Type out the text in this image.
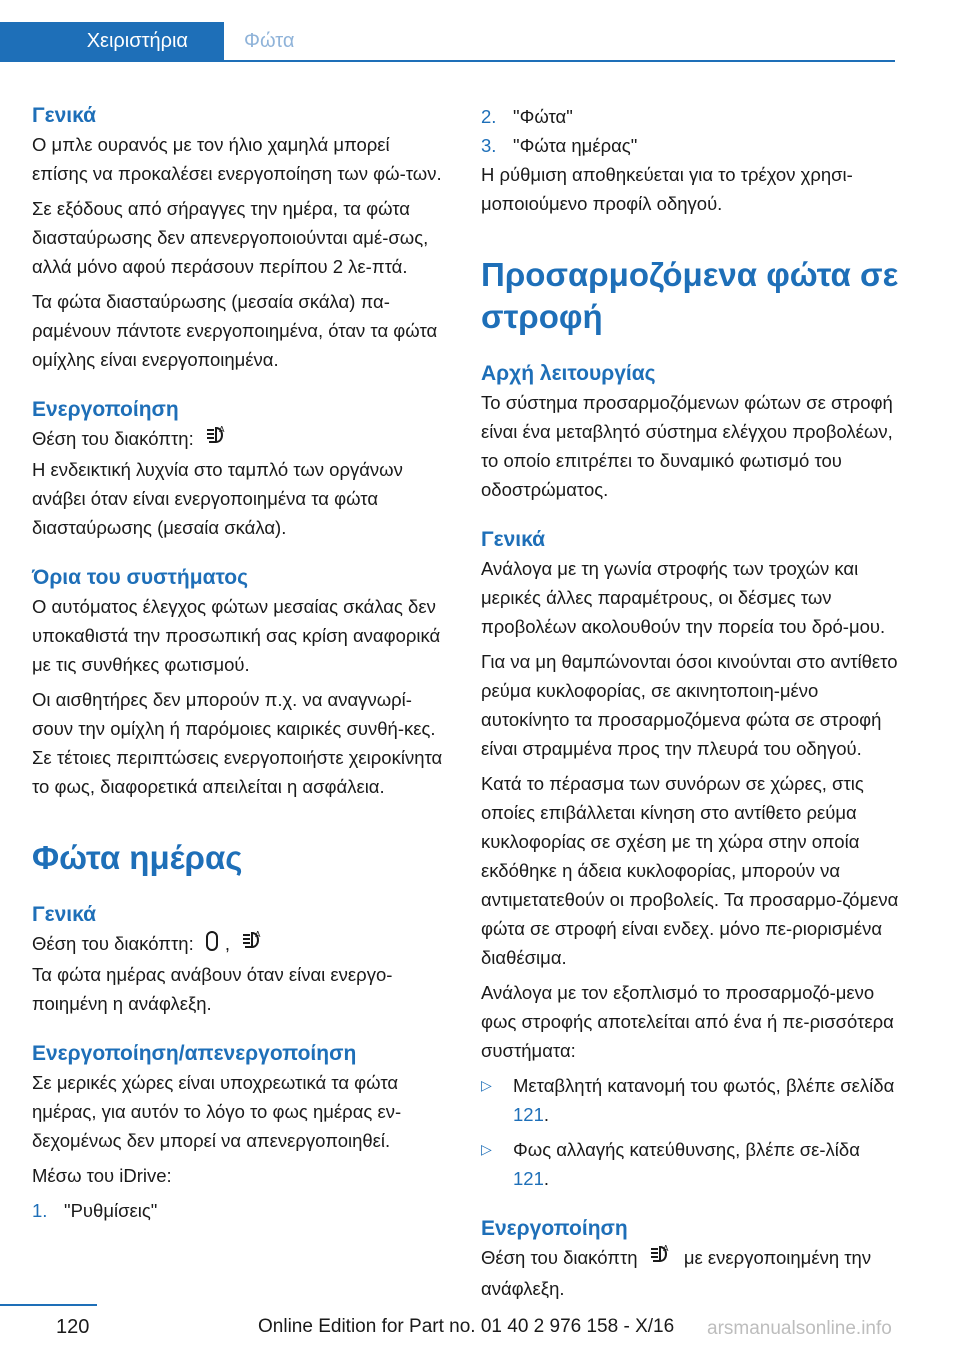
Χειριστήρια	Φώτα
Γενικά

Ο μπλε ουρανός με τον ήλιο χαμηλά μπορεί επίσης να προκαλέσει ενεργοποίηση των φώ-των.

Σε εξόδους από σήραγγες την ημέρα, τα φώτα διασταύρωσης δεν απενεργοποιούνται αμέ-σως, αλλά μόνο αφού περάσουν περίπου 2 λε-πτά.

Τα φώτα διασταύρωσης (μεσαία σκάλα) πα-ραμένουν πάντοτε ενεργοποιημένα, όταν τα φώτα ομίχλης είναι ενεργοποιημένα.

Ενεργοποίηση

Θέση του διακόπτη:	A

Η ενδεικτική λυχνία στο ταμπλό των οργάνων ανάβει όταν είναι ενεργοποιημένα τα φώτα διασταύρωσης (μεσαία σκάλα).

Όρια του συστήματος

Ο αυτόματος έλεγχος φώτων μεσαίας σκάλας δεν υποκαθιστά την προσωπική σας κρίση αναφορικά με τις συνθήκες φωτισμού.

Οι αισθητήρες δεν μπορούν π.χ. να αναγνωρί-σουν την ομίχλη ή παρόμοιες καιρικές συνθή-κες. Σε τέτοιες περιπτώσεις ενεργοποιήστε χειροκίνητα το φως, διαφορετικά απειλείται η ασφάλεια.

Φώτα ημέρας
Γενικά

Θέση του διακόπτη: ,	A

Τα φώτα ημέρας ανάβουν όταν είναι ενεργο-ποιημένη η ανάφλεξη.

Ενεργοποίηση/απενεργοποίηση

Σε μερικές χώρες είναι υποχρεωτικά τα φώτα ημέρας, για αυτόν το λόγο το φως ημέρας εν-δεχομένως δεν μπορεί να απενεργοποιηθεί.

Μέσω του iDrive:

1. "Ρυθμίσεις"
2. "Φώτα"
3. "Φώτα ημέρας"

Η ρύθμιση αποθηκεύεται για το τρέχον χρησι-μοποιούμενο προφίλ οδηγού.

Προσαρμοζόμενα φώτα σε στροφή
Αρχή λειτουργίας

Το σύστημα προσαρμοζόμενων φώτων σε στροφή είναι ένα μεταβλητό σύστημα ελέγχου προβολέων, το οποίο επιτρέπει το δυναμικό φωτισμό του οδοστρώματος.

Γενικά

Ανάλογα με τη γωνία στροφής των τροχών και μερικές άλλες παραμέτρους, οι δέσμες των προβολέων ακολουθούν την πορεία του δρό-μου.

Για να μη θαμπώνονται όσοι κινούνται στο αντίθετο ρεύμα κυκλοφορίας, σε ακινητοποιη-μένο αυτοκίνητο τα προσαρμοζόμενα φώτα σε στροφή είναι στραμμένα προς την πλευρά του οδηγού.

Κατά το πέρασμα των συνόρων σε χώρες, στις οποίες επιβάλλεται κίνηση στο αντίθετο ρεύμα κυκλοφορίας σε σχέση με τη χώρα στην οποία εκδόθηκε η άδεια κυκλοφορίας, μπορούν να αντιμετατεθούν οι προβολείς. Τα προσαρμο-ζόμενα φώτα σε στροφή είναι ενδεχ. μόνο πε-ριορισμένα διαθέσιμα.

Ανάλογα με τον εξοπλισμό το προσαρμοζό-μενο φως στροφής αποτελείται από ένα ή πε-ρισσότερα συστήματα:

▷	Μεταβλητή κατανομή του φωτός, βλέπε σελίδα 121.
▷	Φως αλλαγής κατεύθυνσης, βλέπε σε-λίδα 121.
Ενεργοποίηση

Θέση του διακόπτη	A με ενεργοποιημένη την ανάφλεξη.

120	Online Edition for Part no. 01 40 2 976 158 - X/16 arsmanualsonline.info
